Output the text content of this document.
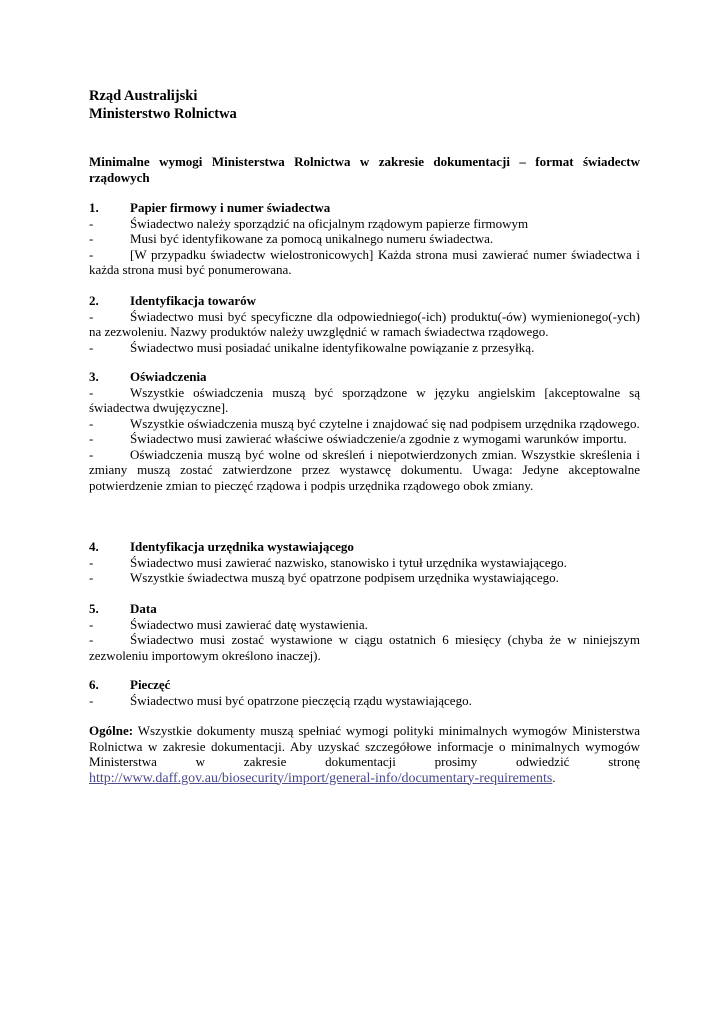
Rząd Australijski
Ministerstwo Rolnictwa
Minimalne wymogi Ministerstwa Rolnictwa w zakresie dokumentacji – format świadectw rządowych
1.	Papier firmowy i numer świadectwa
-	Świadectwo należy sporządzić na oficjalnym rządowym papierze firmowym
-	Musi być identyfikowane za pomocą unikalnego numeru świadectwa.
-	[W przypadku świadectw wielostronicowych] Każda strona musi zawierać numer świadectwa i każda strona musi być ponumerowana.
2.	Identyfikacja towarów
-	Świadectwo musi być specyficzne dla odpowiedniego(-ich) produktu(-ów) wymienionego(-ych) na zezwoleniu. Nazwy produktów należy uwzględnić w ramach świadectwa rządowego.
-	Świadectwo musi posiadać unikalne identyfikowalne powiązanie z przesyłką.
3.	Oświadczenia
-	Wszystkie oświadczenia muszą być sporządzone w języku angielskim [akceptowalne są świadectwa dwujęzyczne].
-	Wszystkie oświadczenia muszą być czytelne i znajdować się nad podpisem urzędnika rządowego.
-	Świadectwo musi zawierać właściwe oświadczenie/a zgodnie z wymogami warunków importu.
-	Oświadczenia muszą być wolne od skreśleń i niepotwierdzonych zmian. Wszystkie skreślenia i zmiany muszą zostać zatwierdzone przez wystawcę dokumentu. Uwaga: Jedyne akceptowalne potwierdzenie zmian to pieczęć rządowa i podpis urzędnika rządowego obok zmiany.
4.	Identyfikacja urzędnika wystawiającego
-	Świadectwo musi zawierać nazwisko, stanowisko i tytuł urzędnika wystawiającego.
-	Wszystkie świadectwa muszą być opatrzone podpisem urzędnika wystawiającego.
5.	Data
-	Świadectwo musi zawierać datę wystawienia.
-	Świadectwo musi zostać wystawione w ciągu ostatnich 6 miesięcy (chyba że w niniejszym zezwoleniu importowym określono inaczej).
6.	Pieczęć
-	Świadectwo musi być opatrzone pieczęcią rządu wystawiającego.
Ogólne: Wszystkie dokumenty muszą spełniać wymogi polityki minimalnych wymogów Ministerstwa Rolnictwa w zakresie dokumentacji. Aby uzyskać szczegółowe informacje o minimalnych wymogów Ministerstwa w zakresie dokumentacji prosimy odwiedzić stronę http://www.daff.gov.au/biosecurity/import/general-info/documentary-requirements.
